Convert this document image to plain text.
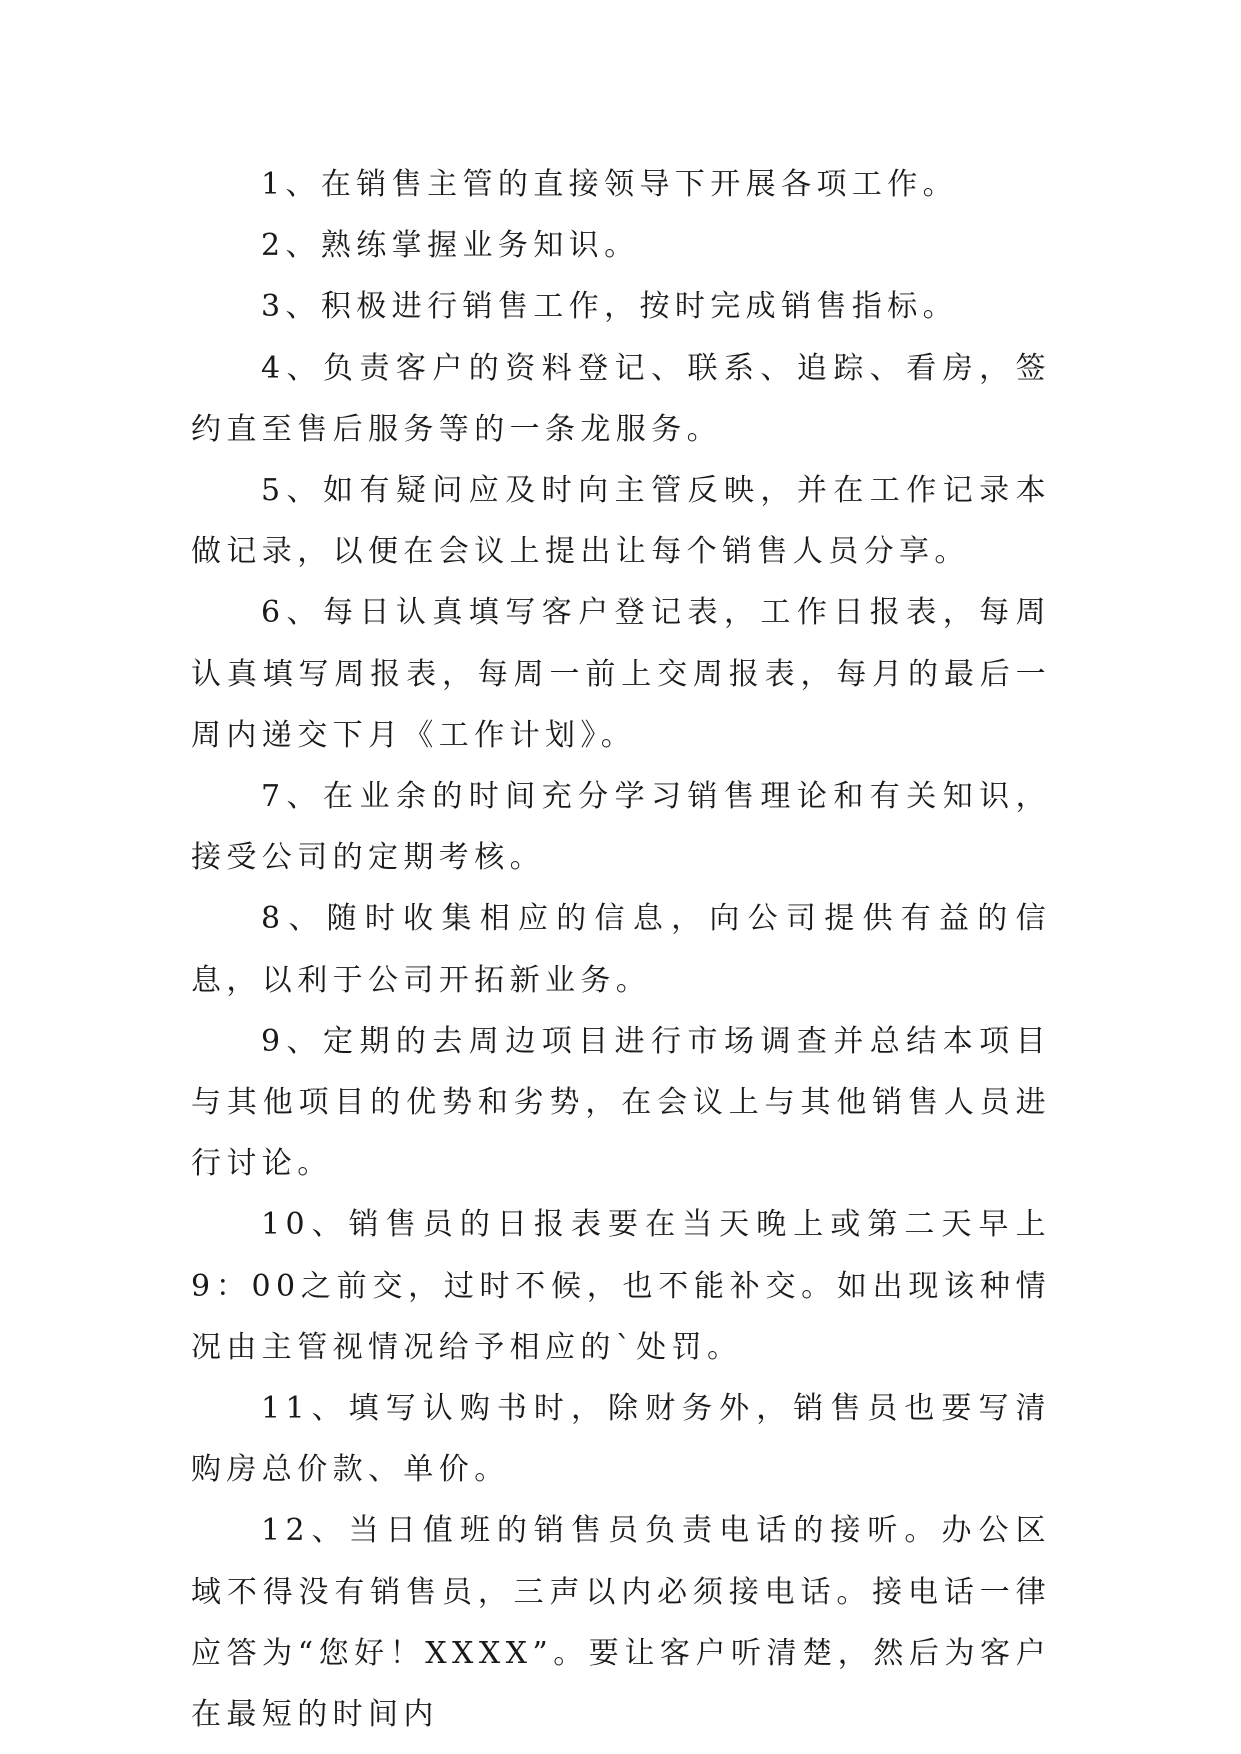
1、在销售主管的直接领导下开展各项工作。

2、熟练掌握业务知识。

3、积极进行销售工作，按时完成销售指标。

4、负责客户的资料登记、联系、追踪、看房，签约直至售后服务等的一条龙服务。

5、如有疑问应及时向主管反映，并在工作记录本做记录，以便在会议上提出让每个销售人员分享。

6、每日认真填写客户登记表，工作日报表，每周认真填写周报表，每周一前上交周报表，每月的最后一周内递交下月《工作计划》。

7、在业余的时间充分学习销售理论和有关知识，接受公司的定期考核。

8、随时收集相应的信息，向公司提供有益的信息，以利于公司开拓新业务。

9、定期的去周边项目进行市场调查并总结本项目与其他项目的优势和劣势，在会议上与其他销售人员进行讨论。

10、销售员的日报表要在当天晚上或第二天早上9：00之前交，过时不候，也不能补交。如出现该种情况由主管视情况给予相应的`处罚。

11、填写认购书时，除财务外，销售员也要写清购房总价款、单价。

12、当日值班的销售员负责电话的接听。办公区域不得没有销售员，三声以内必须接电话。接电话一律应答为“您好！XXXX”。要让客户听清楚，然后为客户在最短的时间内
